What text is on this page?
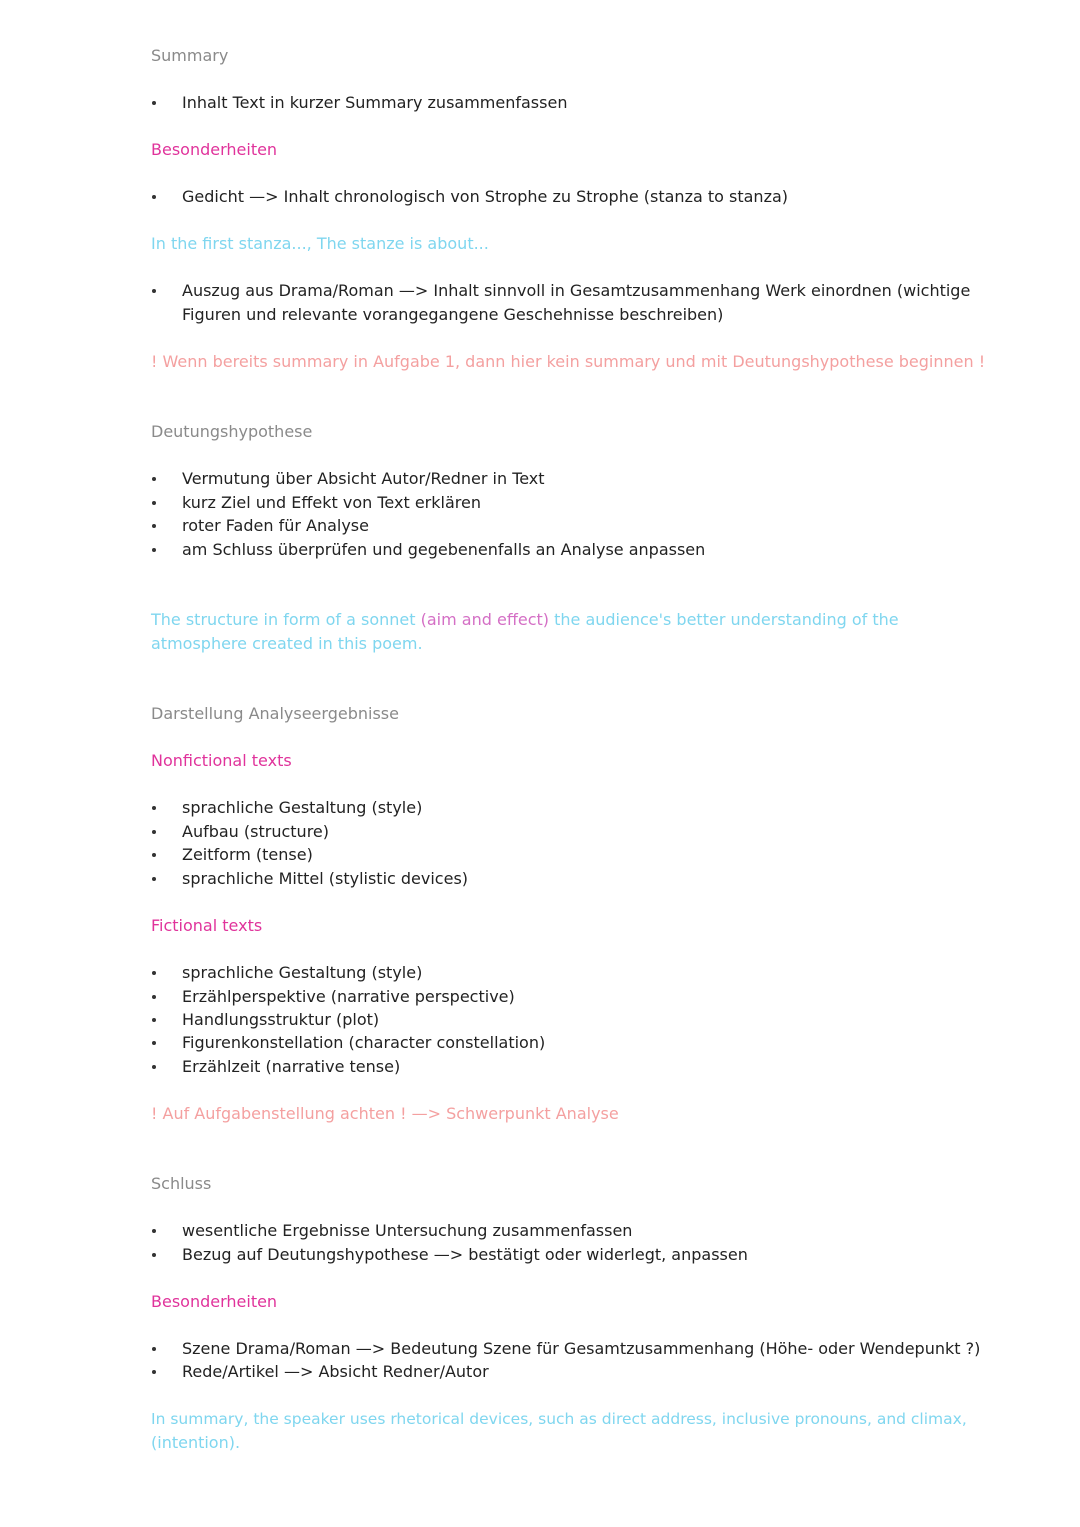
Summary
Inhalt Text in kurzer Summary zusammenfassen
Besonderheiten
Gedicht —> Inhalt chronologisch von Strophe zu Strophe (stanza to stanza)
In the first stanza..., The stanze is about...
Auszug aus Drama/Roman —> Inhalt sinnvoll in Gesamtzusammenhang Werk einordnen (wichtige Figuren und relevante vorangegangene Geschehnisse beschreiben)
! Wenn bereits summary in Aufgabe 1, dann hier kein summary und mit Deutungshypothese beginnen !
Deutungshypothese
Vermutung über Absicht Autor/Redner in Text
kurz Ziel und Effekt von Text erklären
roter Faden für Analyse
am Schluss überprüfen und gegebenenfalls an Analyse anpassen
The structure in form of a sonnet (aim and effect) the audience's better understanding of the
atmosphere created in this poem.
Darstellung Analyseergebnisse
Nonfictional texts
sprachliche Gestaltung (style)
Aufbau (structure)
Zeitform (tense)
sprachliche Mittel (stylistic devices)
Fictional texts
sprachliche Gestaltung (style)
Erzählperspektive (narrative perspective)
Handlungsstruktur (plot)
Figurenkonstellation (character constellation)
Erzählzeit (narrative tense)
! Auf Aufgabenstellung achten ! —> Schwerpunkt Analyse
Schluss
wesentliche Ergebnisse Untersuchung zusammenfassen
Bezug auf Deutungshypothese —> bestätigt oder widerlegt, anpassen
Besonderheiten
Szene Drama/Roman —> Bedeutung Szene für Gesamtzusammenhang (Höhe- oder Wendepunkt ?)
Rede/Artikel —> Absicht Redner/Autor
In summary, the speaker uses rhetorical devices, such as direct address, inclusive pronouns, and climax,
(intention).
